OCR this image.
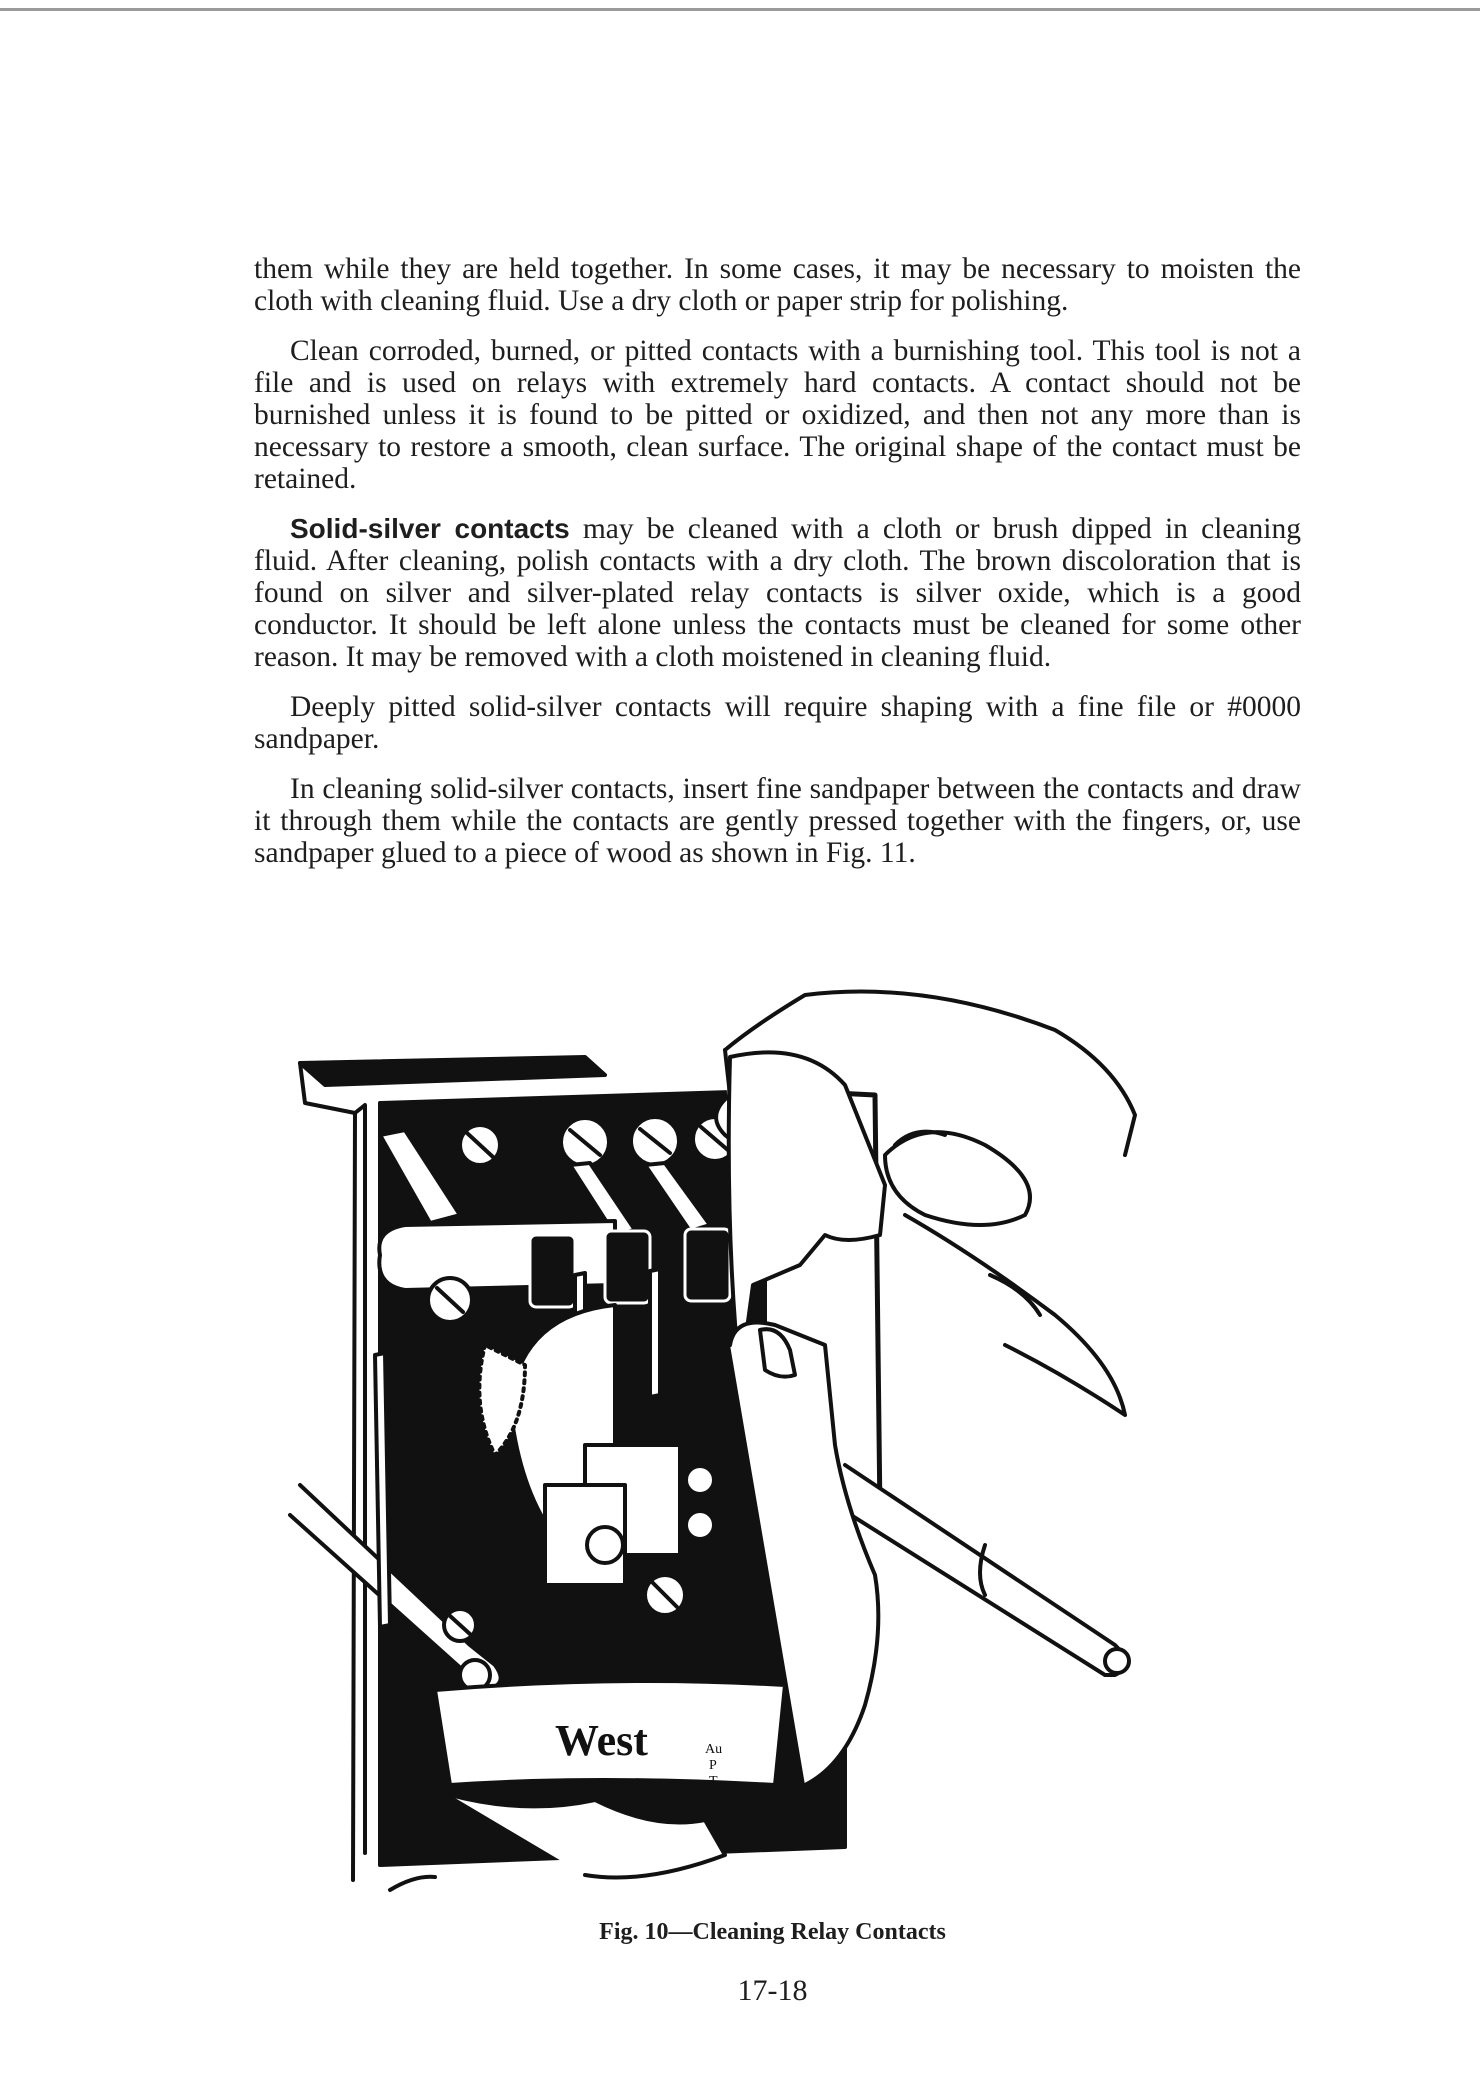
them while they are held together. In some cases, it may be necessary to moisten the cloth with cleaning fluid. Use a dry cloth or paper strip for polishing.

Clean corroded, burned, or pitted contacts with a burnishing tool. This tool is not a file and is used on relays with extremely hard contacts. A contact should not be burnished unless it is found to be pitted or oxidized, and then not any more than is necessary to restore a smooth, clean surface. The original shape of the contact must be retained.

Solid-silver contacts may be cleaned with a cloth or brush dipped in cleaning fluid. After cleaning, polish contacts with a dry cloth. The brown discoloration that is found on silver and silver-plated relay contacts is silver oxide, which is a good conductor. It should be left alone unless the contacts must be cleaned for some other reason. It may be removed with a cloth moistened in cleaning fluid.

Deeply pitted solid-silver contacts will require shaping with a fine file or #0000 sandpaper.

In cleaning solid-silver contacts, insert fine sandpaper between the contacts and draw it through them while the contacts are gently pressed together with the fingers, or, use sandpaper glued to a piece of wood as shown in Fig. 11.

West	Au
P
T
Fig. 10—Cleaning Relay Contacts
17-18
